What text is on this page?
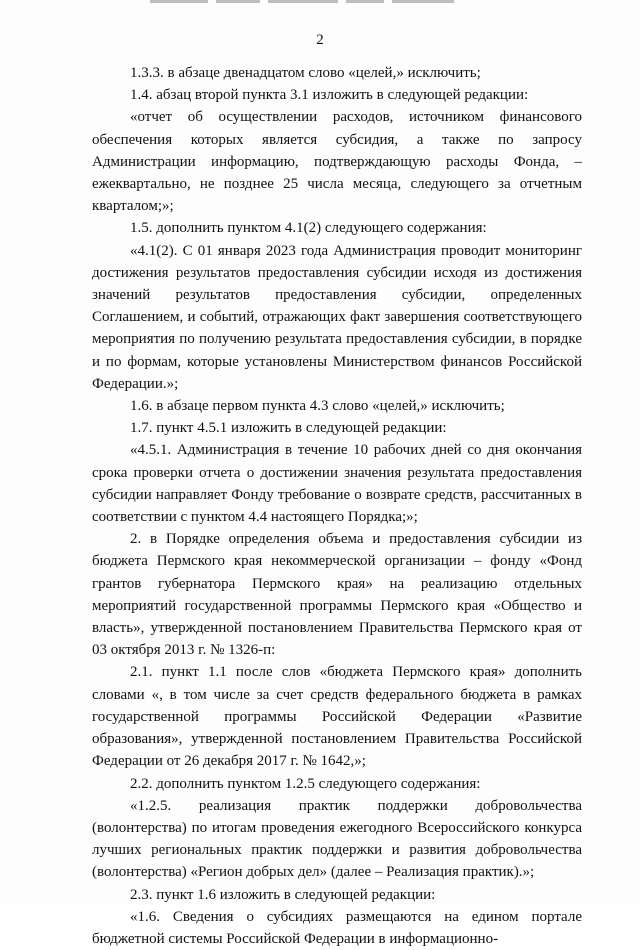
2

1.3.3. в абзаце двенадцатом слово «целей,» исключить;

1.4. абзац второй пункта 3.1 изложить в следующей редакции:

«отчет об осуществлении расходов, источником финансового обеспечения которых является субсидия, а также по запросу Администрации информацию, подтверждающую расходы Фонда, – ежеквартально, не позднее 25 числа месяца, следующего за отчетным кварталом;»;

1.5. дополнить пунктом 4.1(2) следующего содержания:

«4.1(2). С 01 января 2023 года Администрация проводит мониторинг достижения результатов предоставления субсидии исходя из достижения значений результатов предоставления субсидии, определенных Соглашением, и событий, отражающих факт завершения соответствующего мероприятия по получению результата предоставления субсидии, в порядке и по формам, которые установлены Министерством финансов Российской Федерации.»;

1.6. в абзаце первом пункта 4.3 слово «целей,» исключить;

1.7. пункт 4.5.1 изложить в следующей редакции:

«4.5.1. Администрация в течение 10 рабочих дней со дня окончания срока проверки отчета о достижении значения результата предоставления субсидии направляет Фонду требование о возврате средств, рассчитанных в соответствии с пунктом 4.4 настоящего Порядка;»;

2. в Порядке определения объема и предоставления субсидии из бюджета Пермского края некоммерческой организации – фонду «Фонд грантов губернатора Пермского края» на реализацию отдельных мероприятий государственной программы Пермского края «Общество и власть», утвержденной постановлением Правительства Пермского края от 03 октября 2013 г. № 1326-п:

2.1. пункт 1.1 после слов «бюджета Пермского края» дополнить словами «, в том числе за счет средств федерального бюджета в рамках государственной программы Российской Федерации «Развитие образования», утвержденной постановлением Правительства Российской Федерации от 26 декабря 2017 г. № 1642,»;

2.2. дополнить пунктом 1.2.5 следующего содержания:

«1.2.5. реализация практик поддержки добровольчества (волонтерства) по итогам проведения ежегодного Всероссийского конкурса лучших региональных практик поддержки и развития добровольчества (волонтерства) «Регион добрых дел» (далее – Реализация практик).»;

2.3. пункт 1.6 изложить в следующей редакции:

«1.6. Сведения о субсидиях размещаются на едином портале бюджетной системы Российской Федерации в информационно-
